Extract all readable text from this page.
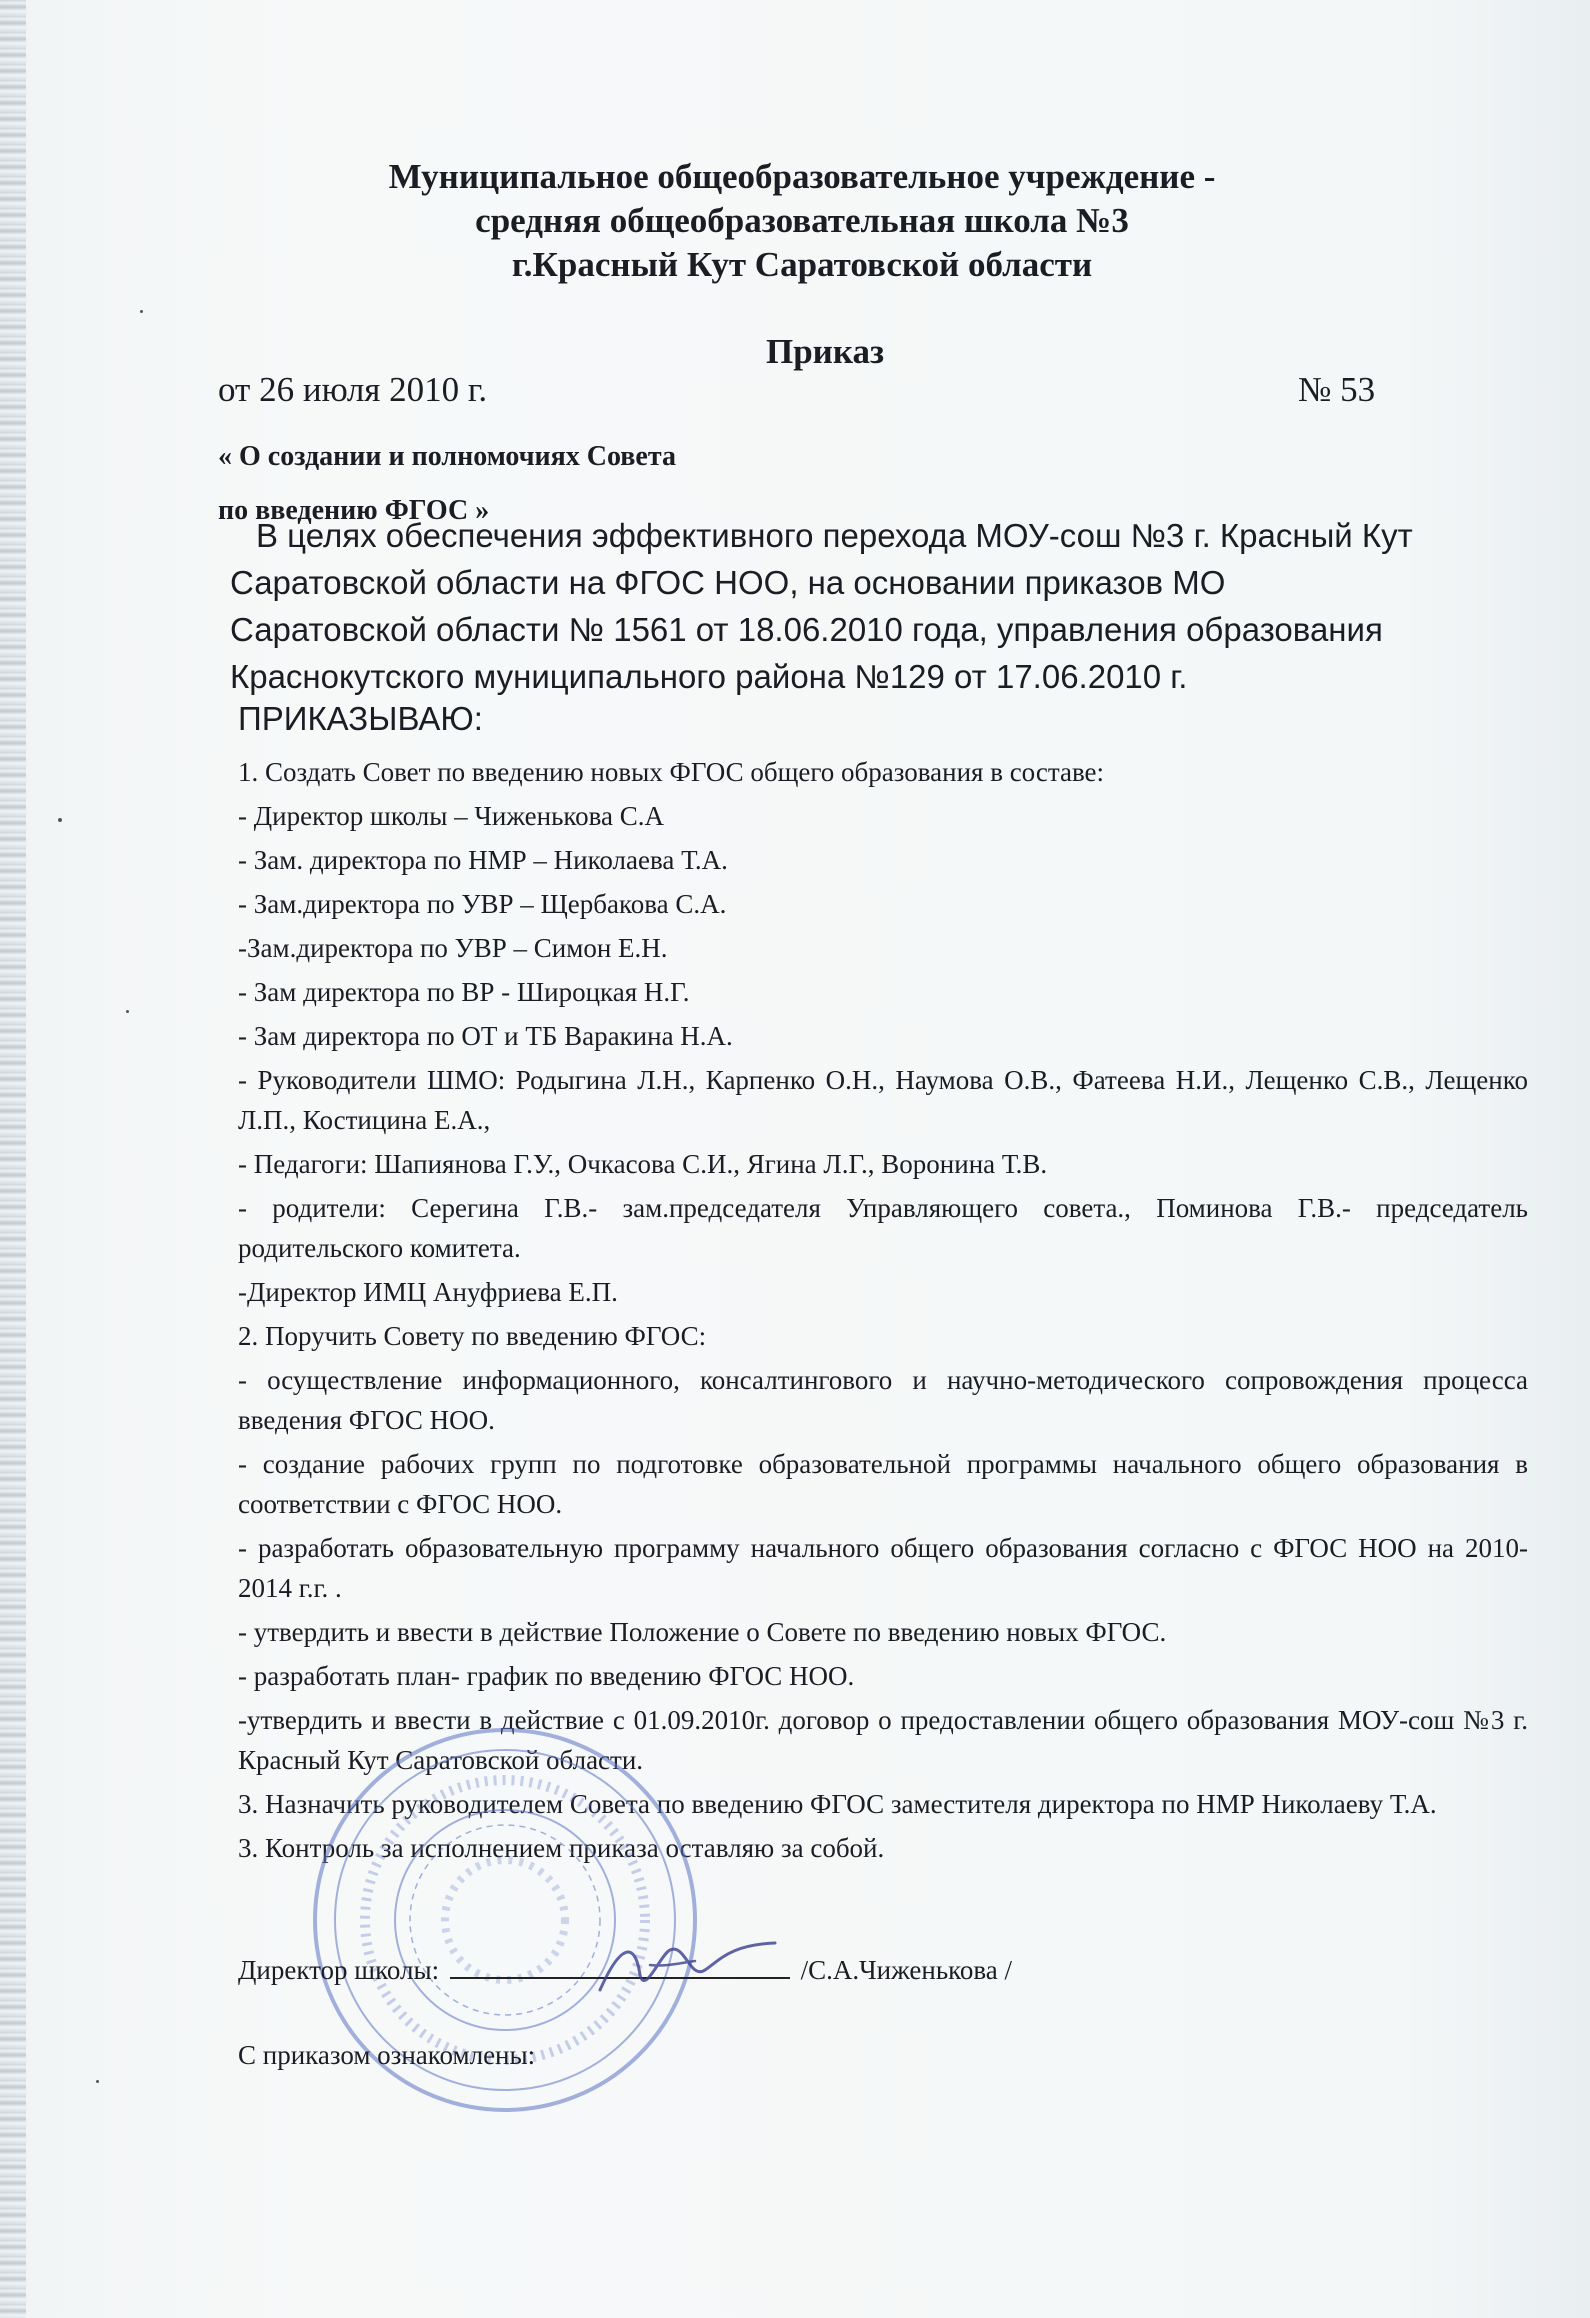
Муниципальное общеобразовательное учреждение -
средняя общеобразовательная школа №3
г.Красный Кут Саратовской области
Приказ
от 26 июля 2010 г.	№ 53
« О создании и полномочиях Совета
по введению ФГОС »

В целях обеспечения эффективного перехода МОУ-сош №3 г. Красный Кут

Саратовской области на ФГОС НОО, на основании приказов МО

Саратовской области № 1561 от 18.06.2010 года, управления образования

Краснокутского муниципального района №129 от 17.06.2010 г.

ПРИКАЗЫВАЮ:

1. Создать Совет по введению новых ФГОС общего образования в составе:

- Директор школы – Чиженькова С.А

- Зам. директора по НМР – Николаева Т.А.

- Зам.директора по УВР – Щербакова С.А.

-Зам.директора по УВР – Симон Е.Н.

- Зам директора по ВР - Широцкая Н.Г.

- Зам директора по ОТ и ТБ Варакина Н.А.

- Руководители ШМО: Родыгина Л.Н., Карпенко О.Н., Наумова О.В., Фатеева Н.И., Лещенко С.В., Лещенко Л.П., Костицина Е.А.,

- Педагоги: Шапиянова Г.У., Очкасова С.И., Ягина Л.Г., Воронина Т.В.

- родители: Серегина Г.В.- зам.председателя Управляющего совета., Поминова Г.В.- председатель родительского комитета.

-Директор ИМЦ Ануфриева Е.П.

2. Поручить Совету по введению ФГОС:

- осуществление информационного, консалтингового и научно-методического сопровождения процесса введения ФГОС НОО.

- создание рабочих групп по подготовке образовательной программы начального общего образования в соответствии с ФГОС НОО.

- разработать образовательную программу начального общего образования согласно с ФГОС НОО на 2010-2014 г.г. .

- утвердить и ввести в действие Положение о Совете по введению новых ФГОС.

- разработать план- график по введению ФГОС НОО.

-утвердить и ввести в действие с 01.09.2010г. договор о предоставлении общего образования МОУ-сош №3 г. Красный Кут Саратовской области.

3. Назначить руководителем Совета по введению ФГОС заместителя директора по НМР Николаеву Т.А.

3. Контроль за исполнением приказа оставляю за собой.

Директор школы:	/С.А.Чиженькова /
С приказом ознакомлены:
